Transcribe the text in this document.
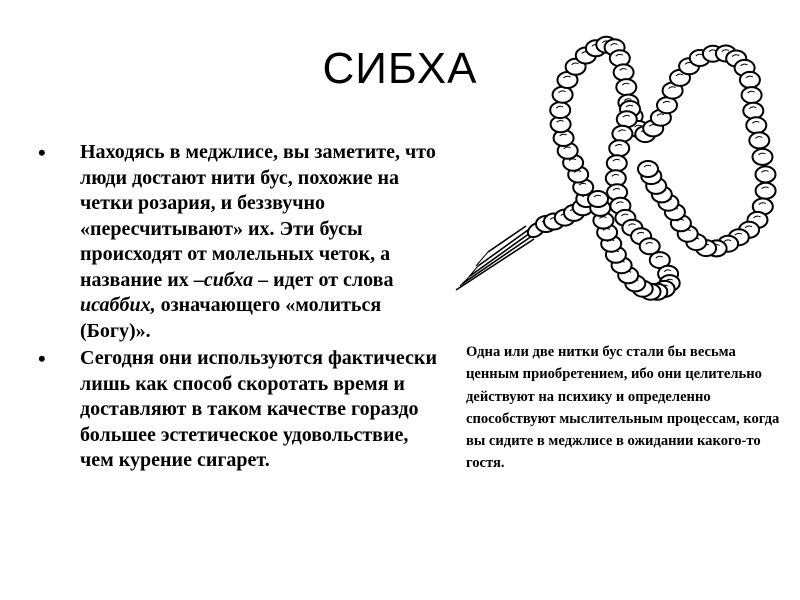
СИБХА
• Находясь в меджлисе, вы заметите, что люди достают нити бус, похожие на четки розария, и беззвучно «пересчитывают» их. Эти бусы происходят от молельных четок, а название их –сибха – идет от слова исаббих, означающего «молиться (Богу)».
• Сегодня они используются фактически лишь как способ скоротать время и доставляют в таком качестве гораздо большее эстетическое удовольствие, чем курение сигарет.
Одна или две нитки бус стали бы весьма ценным приобретением, ибо они целительно действуют на психику и определенно способствуют мыслительным процессам, когда вы сидите в меджлисе в ожидании какого-то гостя.
